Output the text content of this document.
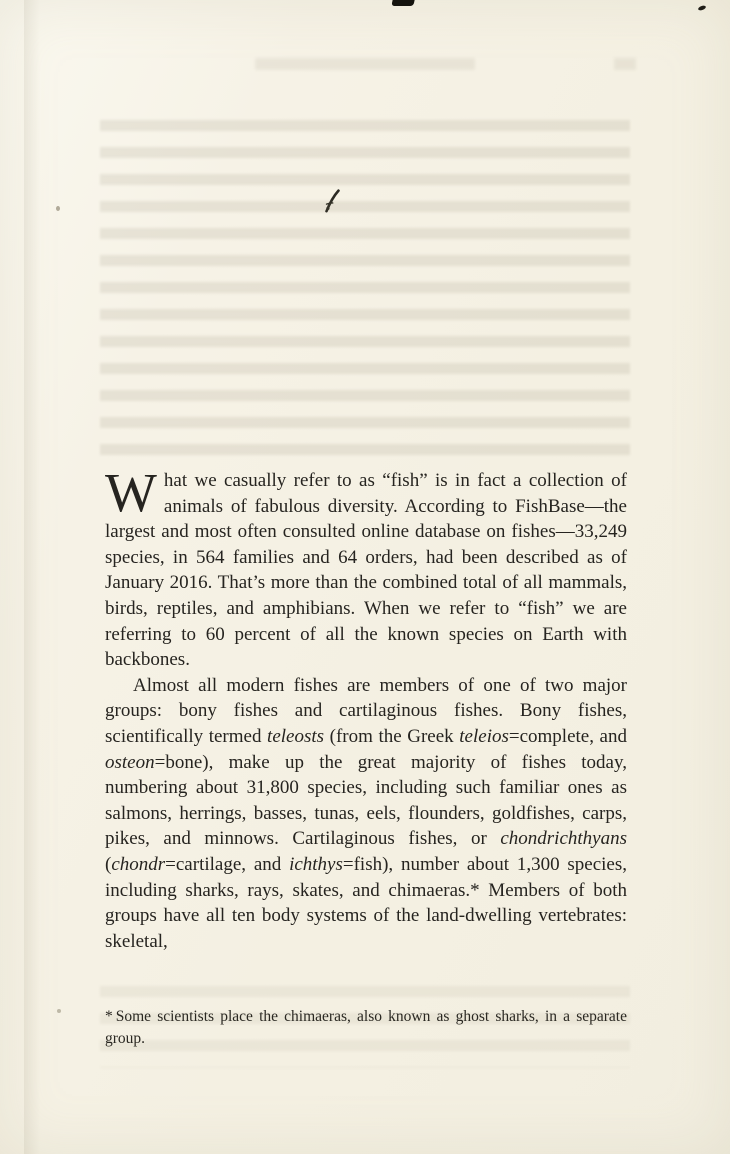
What we casually refer to as “fish” is in fact a collection of animals of fabulous diversity. According to FishBase—the largest and most often consulted online database on fishes—33,249 species, in 564 families and 64 orders, had been described as of January 2016. That’s more than the combined total of all mammals, birds, reptiles, and amphibians. When we refer to “fish” we are referring to 60 percent of all the known species on Earth with backbones.

Almost all modern fishes are members of one of two major groups: bony fishes and cartilaginous fishes. Bony fishes, scientifically termed teleosts (from the Greek teleios=complete, and osteon=bone), make up the great majority of fishes today, numbering about 31,800 species, including such familiar ones as salmons, herrings, basses, tunas, eels, flounders, goldfishes, carps, pikes, and minnows. Cartilaginous fishes, or chondrichthyans (chondr=cartilage, and ichthys=fish), number about 1,300 species, including sharks, rays, skates, and chimaeras.* Members of both groups have all ten body systems of the land-dwelling vertebrates: skeletal,

* Some scientists place the chimaeras, also known as ghost sharks, in a separate group.
